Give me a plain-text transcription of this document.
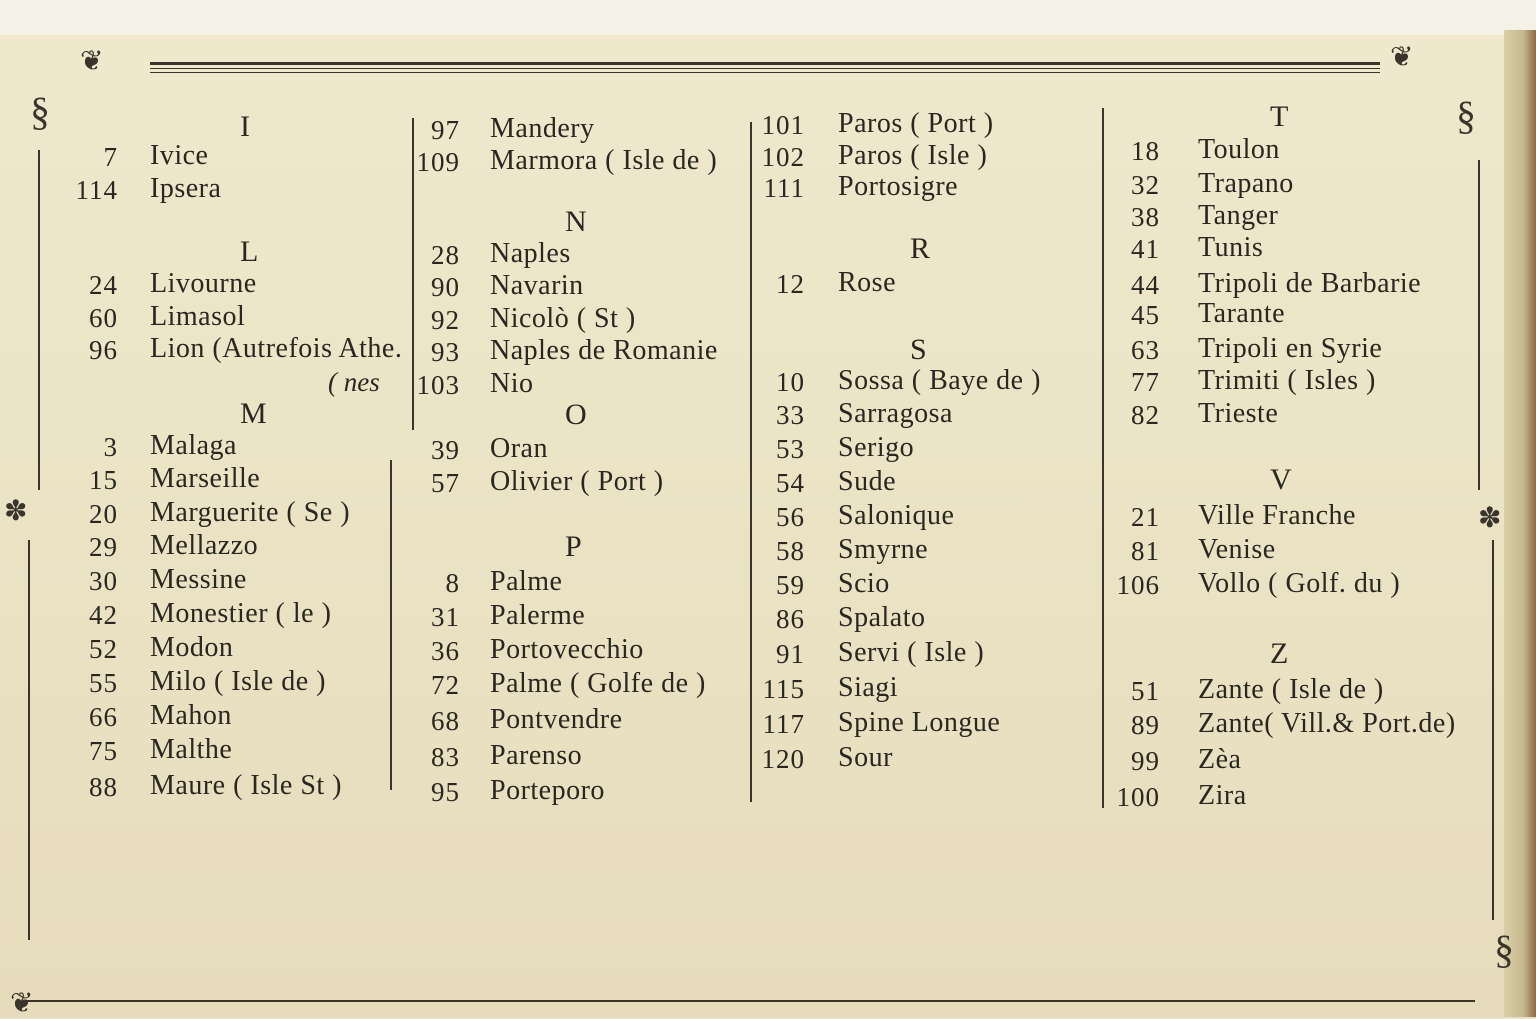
❦	❦
§	§
✽	✽
§
❦
I
7 Ivice
114 Ipsera
L
24 Livourne
60 Limasol
96 Lion (Autrefois Athe.
M
3 Malaga
15 Marseille
20 Marguerite ( Se )
29 Mellazzo
30 Messine
42 Monestier ( le )
52 Modon
55 Milo ( Isle de )
66 Mahon
75 Malthe
88 Maure ( Isle St )
( nes
97 Mandery
109 Marmora ( Isle de )
N
28 Naples
90 Navarin
92 Nicolò ( St )
93 Naples de Romanie
103 Nio
O
39 Oran
57 Olivier ( Port )
P
8 Palme
31 Palerme
36 Portovecchio
72 Palme ( Golfe de )
68 Pontvendre
83 Parenso
95 Porteporo
101 Paros ( Port )
102 Paros ( Isle )
111 Portosigre
R
12 Rose
S
10 Sossa ( Baye de )
33 Sarragosa
53 Serigo
54 Sude
56 Salonique
58 Smyrne
59 Scio
86 Spalato
91 Servi ( Isle )
115 Siagi
117 Spine Longue
120 Sour
T
18 Toulon
32 Trapano
38 Tanger
41 Tunis
44 Tripoli de Barbarie
45 Tarante
63 Tripoli en Syrie
77 Trimiti ( Isles )
82 Trieste
V
21 Ville Franche
81 Venise
106 Vollo ( Golf. du )
Z
51 Zante ( Isle de )
89 Zante( Vill.& Port.de)
99 Zèa
100 Zira
